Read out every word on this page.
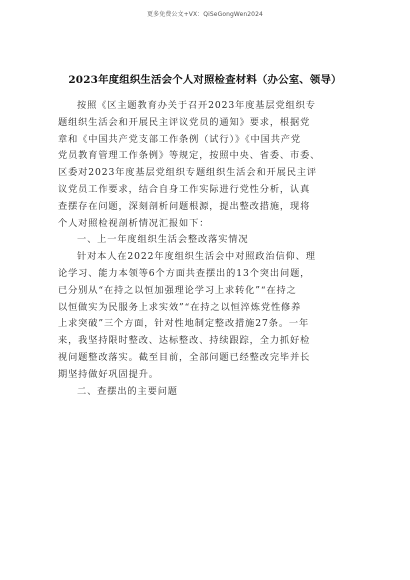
更多免费公文+VX：QiSeGongWen2024
2023年度组织生活会个人对照检查材料（办公室、领导）
按照《区主题教育办关于召开2023年度基层党组织专
题组织生活会和开展民主评议党员的通知》要求，根据党
章和《中国共产党支部工作条例（试行）》《中国共产党
党员教育管理工作条例》等规定，按照中央、省委、市委、
区委对2023年度基层党组织专题组织生活会和开展民主评
议党员工作要求，结合自身工作实际进行党性分析，认真
查摆存在问题，深刻剖析问题根源，提出整改措施，现将
个人对照检视剖析情况汇报如下：
一、上一年度组织生活会整改落实情况
针对本人在2022年度组织生活会中对照政治信仰、理
论学习、能力本领等6个方面共查摆出的13个突出问题，
已分别从“在持之以恒加强理论学习上求转化”“在持之
以恒做实为民服务上求实效”“在持之以恒淬炼党性修养
上求突破”三个方面，针对性地制定整改措施27条。一年
来，我坚持限时整改、达标整改、持续跟踪，全力抓好检
视问题整改落实。截至目前，全部问题已经整改完毕并长
期坚持做好巩固提升。
二、查摆出的主要问题
